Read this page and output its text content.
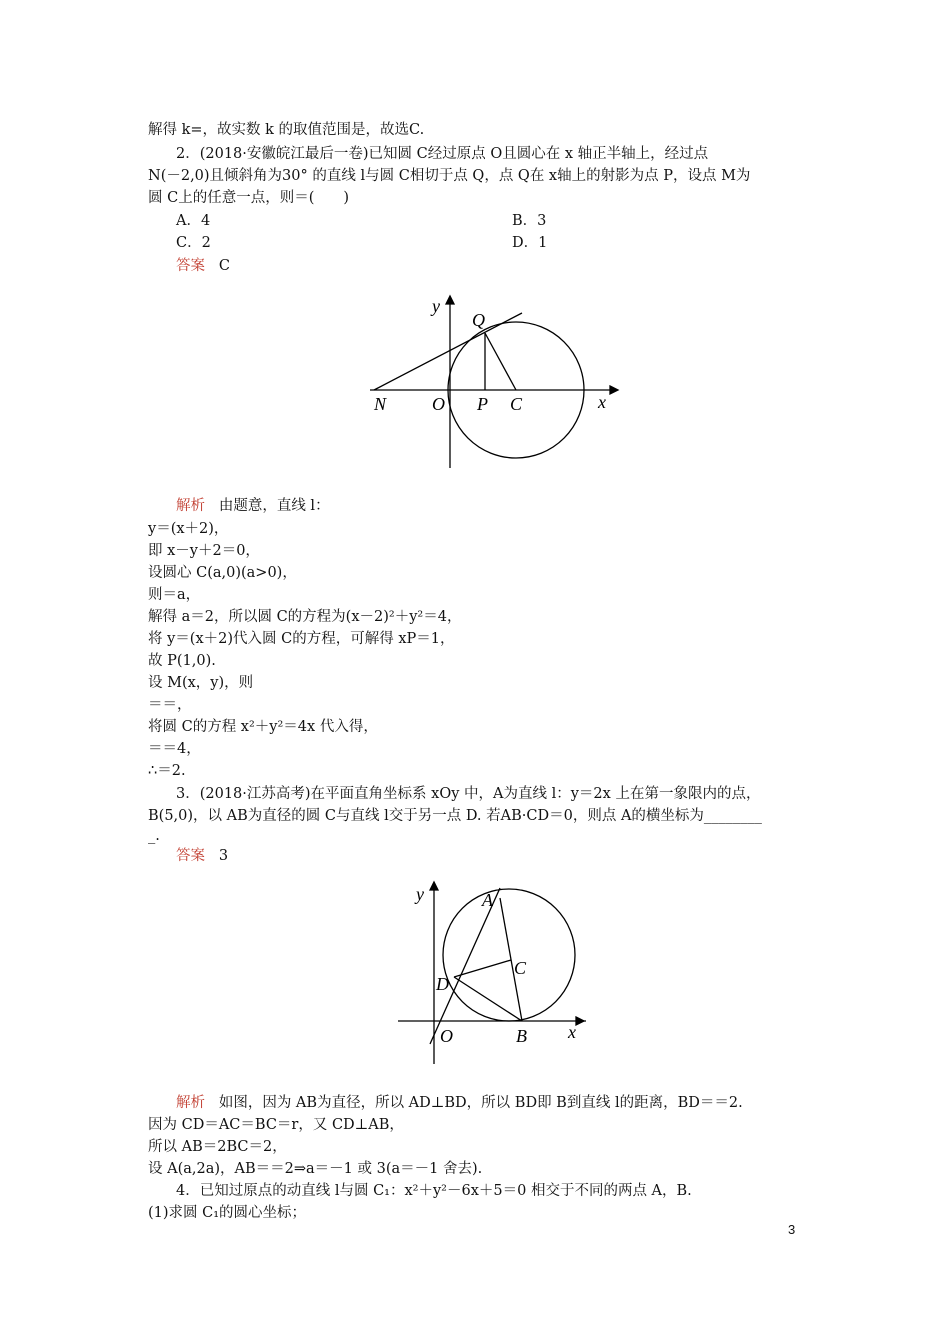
解得 k=，故实数 k 的取值范围是，故选C.
2．(2018·安徽皖江最后一卷)已知圆 C经过原点 O且圆心在 x 轴正半轴上，经过点
N(－2,0)且倾斜角为30° 的直线 l与圆 C相切于点 Q，点 Q在 x轴上的射影为点 P，设点 M为
圆 C上的任意一点，则＝(　　)
A．4	B．3
C．2	D．1
答案 C
y
Q
N	O P C	x
解析 由题意，直线 l：
y＝(x＋2)，
即 x－y＋2＝0，
设圆心 C(a,0)(a>0)，
则＝a，
解得 a＝2，所以圆 C的方程为(x－2)²＋y²＝4，
将 y＝(x＋2)代入圆 C的方程，可解得 xP＝1，
故 P(1,0).
设 M(x，y)，则
＝＝，
将圆 C的方程 x²＋y²＝4x 代入得，
＝＝4，
∴＝2.
3．(2018·江苏高考)在平面直角坐标系 xOy 中，A为直线 l：y＝2x 上在第一象限内的点，
B(5,0)，以 AB为直径的圆 C与直线 l交于另一点 D. 若AB·CD＝0，则点 A的横坐标为________
_.
答案 3
y	A
C
D
O	B x
解析 如图，因为 AB为直径，所以 AD⊥BD，所以 BD即 B到直线 l的距离，BD＝＝2.
因为 CD＝AC＝BC＝r，又 CD⊥AB，
所以 AB＝2BC＝2，
设 A(a,2a)，AB＝＝2⇒a＝－1 或 3(a＝－1 舍去).
4．已知过原点的动直线 l与圆 C₁：x²＋y²－6x＋5＝0 相交于不同的两点 A，B.
(1)求圆 C₁的圆心坐标；
3
